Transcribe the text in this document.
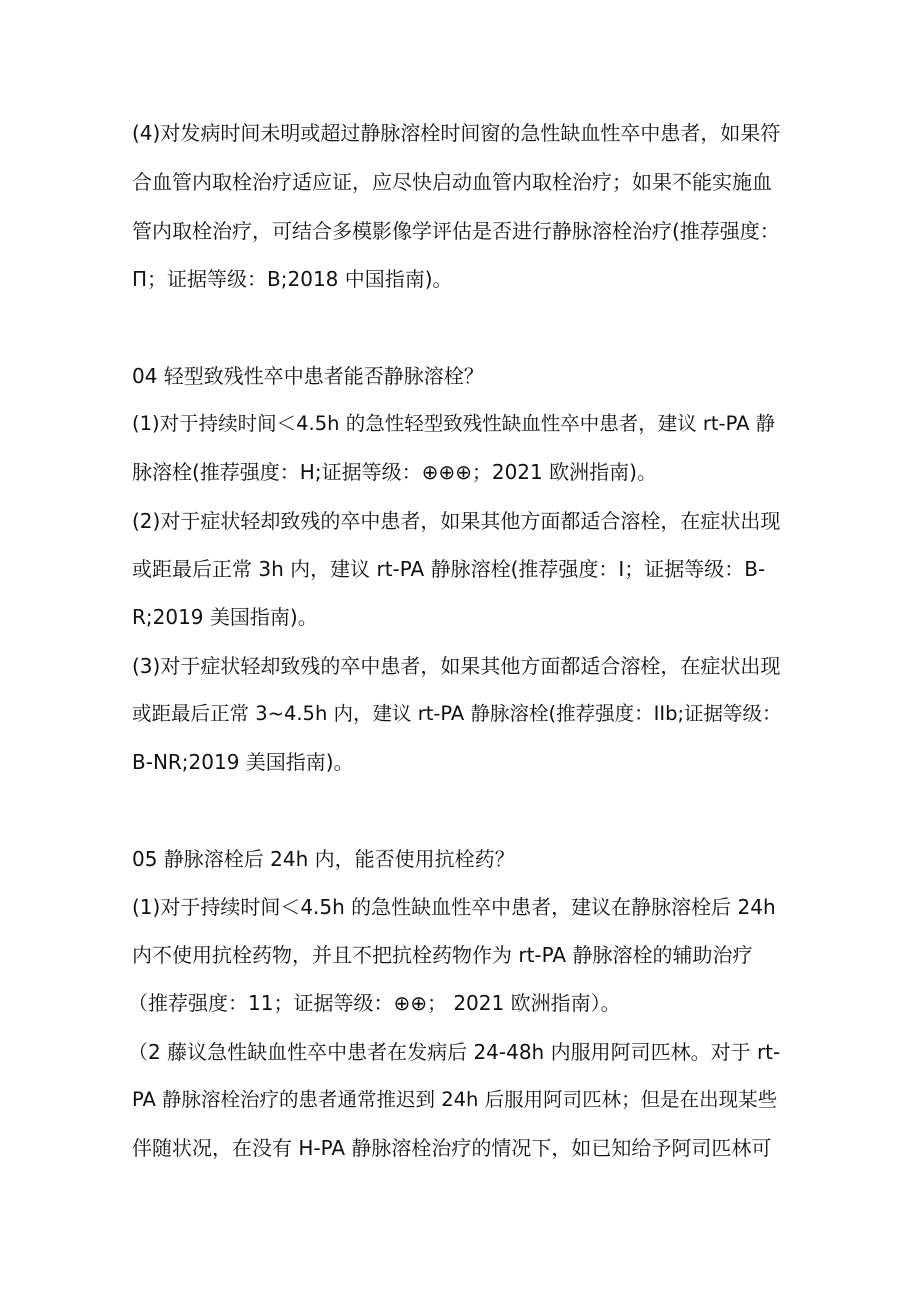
(4)对发病时间未明或超过静脉溶栓时间窗的急性缺血性卒中患者，如果符
合血管内取栓治疗适应证，应尽快启动血管内取栓治疗；如果不能实施血
管内取栓治疗，可结合多模影像学评估是否进行静脉溶栓治疗(推荐强度：
Π；证据等级：B;2018 中国指南)。
04 轻型致残性卒中患者能否静脉溶栓？
(1)对于持续时间＜4.5h 的急性轻型致残性缺血性卒中患者，建议 rt-PA 静
脉溶栓(推荐强度：H;证据等级：⊕⊕⊕；2021 欧洲指南)。
(2)对于症状轻却致残的卒中患者，如果其他方面都适合溶栓，在症状出现
或距最后正常 3h 内，建议 rt-PA 静脉溶栓(推荐强度：I；证据等级：B-
R;2019 美国指南)。
(3)对于症状轻却致残的卒中患者，如果其他方面都适合溶栓，在症状出现
或距最后正常 3~4.5h 内，建议 rt-PA 静脉溶栓(推荐强度：IIb;证据等级：
B-NR;2019 美国指南)。
05 静脉溶栓后 24h 内，能否使用抗栓药？
(1)对于持续时间＜4.5h 的急性缺血性卒中患者，建议在静脉溶栓后 24h
内不使用抗栓药物，并且不把抗栓药物作为 rt-PA 静脉溶栓的辅助治疗
（推荐强度：11；证据等级：⊕⊕； 2021 欧洲指南）。
（2 藤议急性缺血性卒中患者在发病后 24-48h 内服用阿司匹林。对于 rt-
PA 静脉溶栓治疗的患者通常推迟到 24h 后服用阿司匹林；但是在出现某些
伴随状况，在没有 H-PA 静脉溶栓治疗的情况下，如已知给予阿司匹林可
